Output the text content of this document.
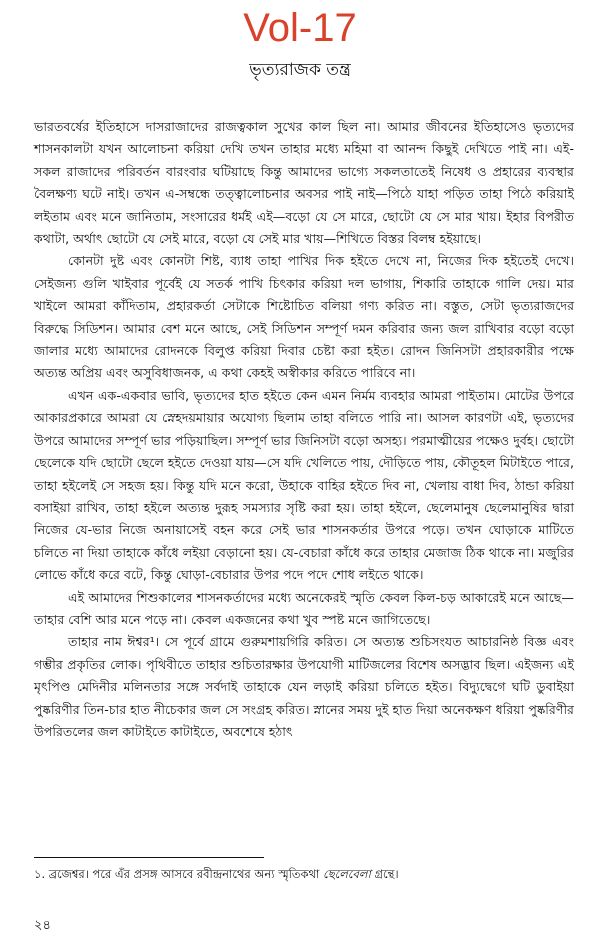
Vol-17
ভৃত্যরাজক তন্ত্র

ভারতবর্ষের ইতিহাসে দাসরাজাদের রাজত্বকাল সুখের কাল ছিল না। আমার জীবনের ইতিহাসেও ভৃত্যদের শাসনকালটা যখন আলোচনা করিয়া দেখি তখন তাহার মধ্যে মহিমা বা আনন্দ কিছুই দেখিতে পাই না। এই-সকল রাজাদের পরিবর্তন বারংবার ঘটিয়াছে কিন্তু আমাদের ভাগ্যে সকলতাতেই নিষেধ ও প্রহারের ব্যবস্থার বৈলক্ষণ্য ঘটে নাই। তখন এ-সম্বন্ধে তত্ত্বালোচনার অবসর পাই নাই—পিঠে যাহা পড়িত তাহা পিঠে করিয়াই লইতাম এবং মনে জানিতাম, সংসারের ধর্মই এই—বড়ো যে সে মারে, ছোটো যে সে মার খায়। ইহার বিপরীত কথাটা, অর্থাৎ ছোটো যে সেই মারে, বড়ো যে সেই মার খায়—শিখিতে বিস্তর বিলম্ব হইয়াছে।

কোনটা দুষ্ট এবং কোনটা শিষ্ট, ব্যাধ তাহা পাখির দিক হইতে দেখে না, নিজের দিক হইতেই দেখে। সেইজন্য গুলি খাইবার পূর্বেই যে সতর্ক পাখি চিৎকার করিয়া দল ভাগায়, শিকারি তাহাকে গালি দেয়। মার খাইলে আমরা কাঁদিতাম, প্রহারকর্তা সেটাকে শিষ্টোচিত বলিয়া গণ্য করিত না। বস্তুত, সেটা ভৃত্যরাজদের বিরুদ্ধে সিডিশন। আমার বেশ মনে আছে, সেই সিডিশন সম্পূর্ণ দমন করিবার জন্য জল রাখিবার বড়ো বড়ো জালার মধ্যে আমাদের রোদনকে বিলুপ্ত করিয়া দিবার চেষ্টা করা হইত। রোদন জিনিসটা প্রহারকারীর পক্ষে অত্যন্ত অপ্রিয় এবং অসুবিধাজনক, এ কথা কেহই অস্বীকার করিতে পারিবে না।

এখন এক-একবার ভাবি, ভৃত্যদের হাত হইতে কেন এমন নির্মম ব্যবহার আমরা পাইতাম। মোটের উপরে আকারপ্রকারে আমরা যে স্নেহদয়মায়ার অযোগ্য ছিলাম তাহা বলিতে পারি না। আসল কারণটা এই, ভৃত্যদের উপরে আমাদের সম্পূর্ণ ভার পড়িয়াছিল। সম্পূর্ণ ভার জিনিসটা বড়ো অসহ্য। পরমাত্মীয়ের পক্ষেও দুর্বহ। ছোটো ছেলেকে যদি ছোটো ছেলে হইতে দেওয়া যায়—সে যদি খেলিতে পায়, দৌড়িতে পায়, কৌতূহল মিটাইতে পারে, তাহা হইলেই সে সহজ হয়। কিন্তু যদি মনে করো, উহাকে বাহির হইতে দিব না, খেলায় বাধা দিব, ঠান্ডা করিয়া বসাইয়া রাখিব, তাহা হইলে অত্যন্ত দুরূহ সমস্যার সৃষ্টি করা হয়। তাহা হইলে, ছেলেমানুষ ছেলেমানুষির দ্বারা নিজের যে-ভার নিজে অনায়াসেই বহন করে সেই ভার শাসনকর্তার উপরে পড়ে। তখন ঘোড়াকে মাটিতে চলিতে না দিয়া তাহাকে কাঁধে লইয়া বেড়ানো হয়। যে-বেচারা কাঁধে করে তাহার মেজাজ ঠিক থাকে না। মজুরির লোভে কাঁধে করে বটে, কিন্তু ঘোড়া-বেচারার উপর পদে পদে শোধ লইতে থাকে।

এই আমাদের শিশুকালের শাসনকর্তাদের মধ্যে অনেকেরই স্মৃতি কেবল কিল-চড় আকারেই মনে আছে—তাহার বেশি আর মনে পড়ে না। কেবল একজনের কথা খুব স্পষ্ট মনে জাগিতেছে।

তাহার নাম ঈশ্বর¹। সে পূর্বে গ্রামে গুরুমশায়গিরি করিত। সে অত্যন্ত শুচিসংযত আচারনিষ্ঠ বিজ্ঞ এবং গম্ভীর প্রকৃতির লোক। পৃথিবীতে তাহার শুচিতারক্ষার উপযোগী মাটিজলের বিশেষ অসদ্ভাব ছিল। এইজন্য এই মৃৎপিণ্ড মেদিনীর মলিনতার সঙ্গে সর্বদাই তাহাকে যেন লড়াই করিয়া চলিতে হইত। বিদ্যুদ্বেগে ঘটি ডুবাইয়া পুষ্করিণীর তিন-চার হাত নীচেকার জল সে সংগ্রহ করিত। স্নানের সময় দুই হাত দিয়া অনেকক্ষণ ধরিয়া পুষ্করিণীর উপরিতলের জল কাটাইতে কাটাইতে, অবশেষে হঠাৎ

১. ব্রজেশ্বর। পরে এঁর প্রসঙ্গ আসবে রবীন্দ্রনাথের অন্য স্মৃতিকথা ছেলেবেলা গ্রন্থে।
২৪
